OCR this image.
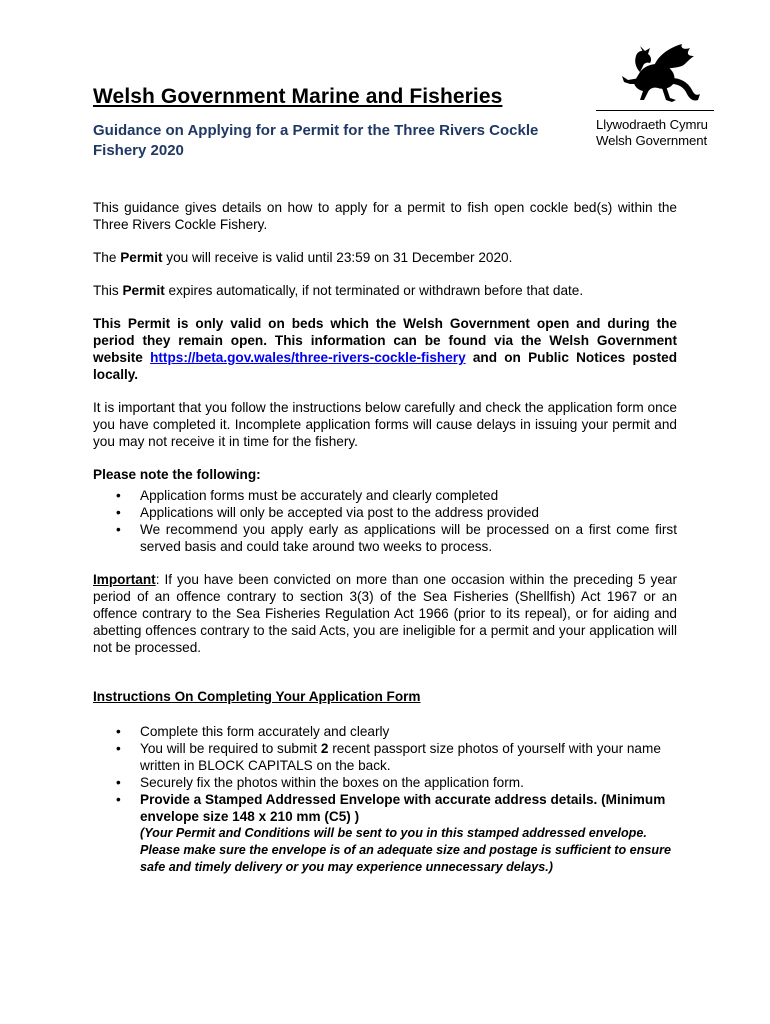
Llywodraeth Cymru
Welsh Government
Welsh Government Marine and Fisheries
Guidance on Applying for a Permit for the Three Rivers Cockle Fishery 2020

This guidance gives details on how to apply for a permit to fish open cockle bed(s) within the Three Rivers Cockle Fishery.

The Permit you will receive is valid until 23:59 on 31 December 2020.

This Permit expires automatically, if not terminated or withdrawn before that date.

This Permit is only valid on beds which the Welsh Government open and during the period they remain open. This information can be found via the Welsh Government website https://beta.gov.wales/three-rivers-cockle-fishery and on Public Notices posted locally.

It is important that you follow the instructions below carefully and check the application form once you have completed it. Incomplete application forms will cause delays in issuing your permit and you may not receive it in time for the fishery.

Please note the following:

• Application forms must be accurately and clearly completed
• Applications will only be accepted via post to the address provided
• We recommend you apply early as applications will be processed on a first come first served basis and could take around two weeks to process.

Important: If you have been convicted on more than one occasion within the preceding 5 year period of an offence contrary to section 3(3) of the Sea Fisheries (Shellfish) Act 1967 or an offence contrary to the Sea Fisheries Regulation Act 1966 (prior to its repeal), or for aiding and abetting offences contrary to the said Acts, you are ineligible for a permit and your application will not be processed.

Instructions On Completing Your Application Form

• Complete this form accurately and clearly
• You will be required to submit 2 recent passport size photos of yourself with your name written in BLOCK CAPITALS on the back.
• Securely fix the photos within the boxes on the application form.
• Provide a Stamped Addressed Envelope with accurate address details. (Minimum envelope size 148 x 210 mm (C5) )
(Your Permit and Conditions will be sent to you in this stamped addressed envelope. Please make sure the envelope is of an adequate size and postage is sufficient to ensure safe and timely delivery or you may experience unnecessary delays.)
